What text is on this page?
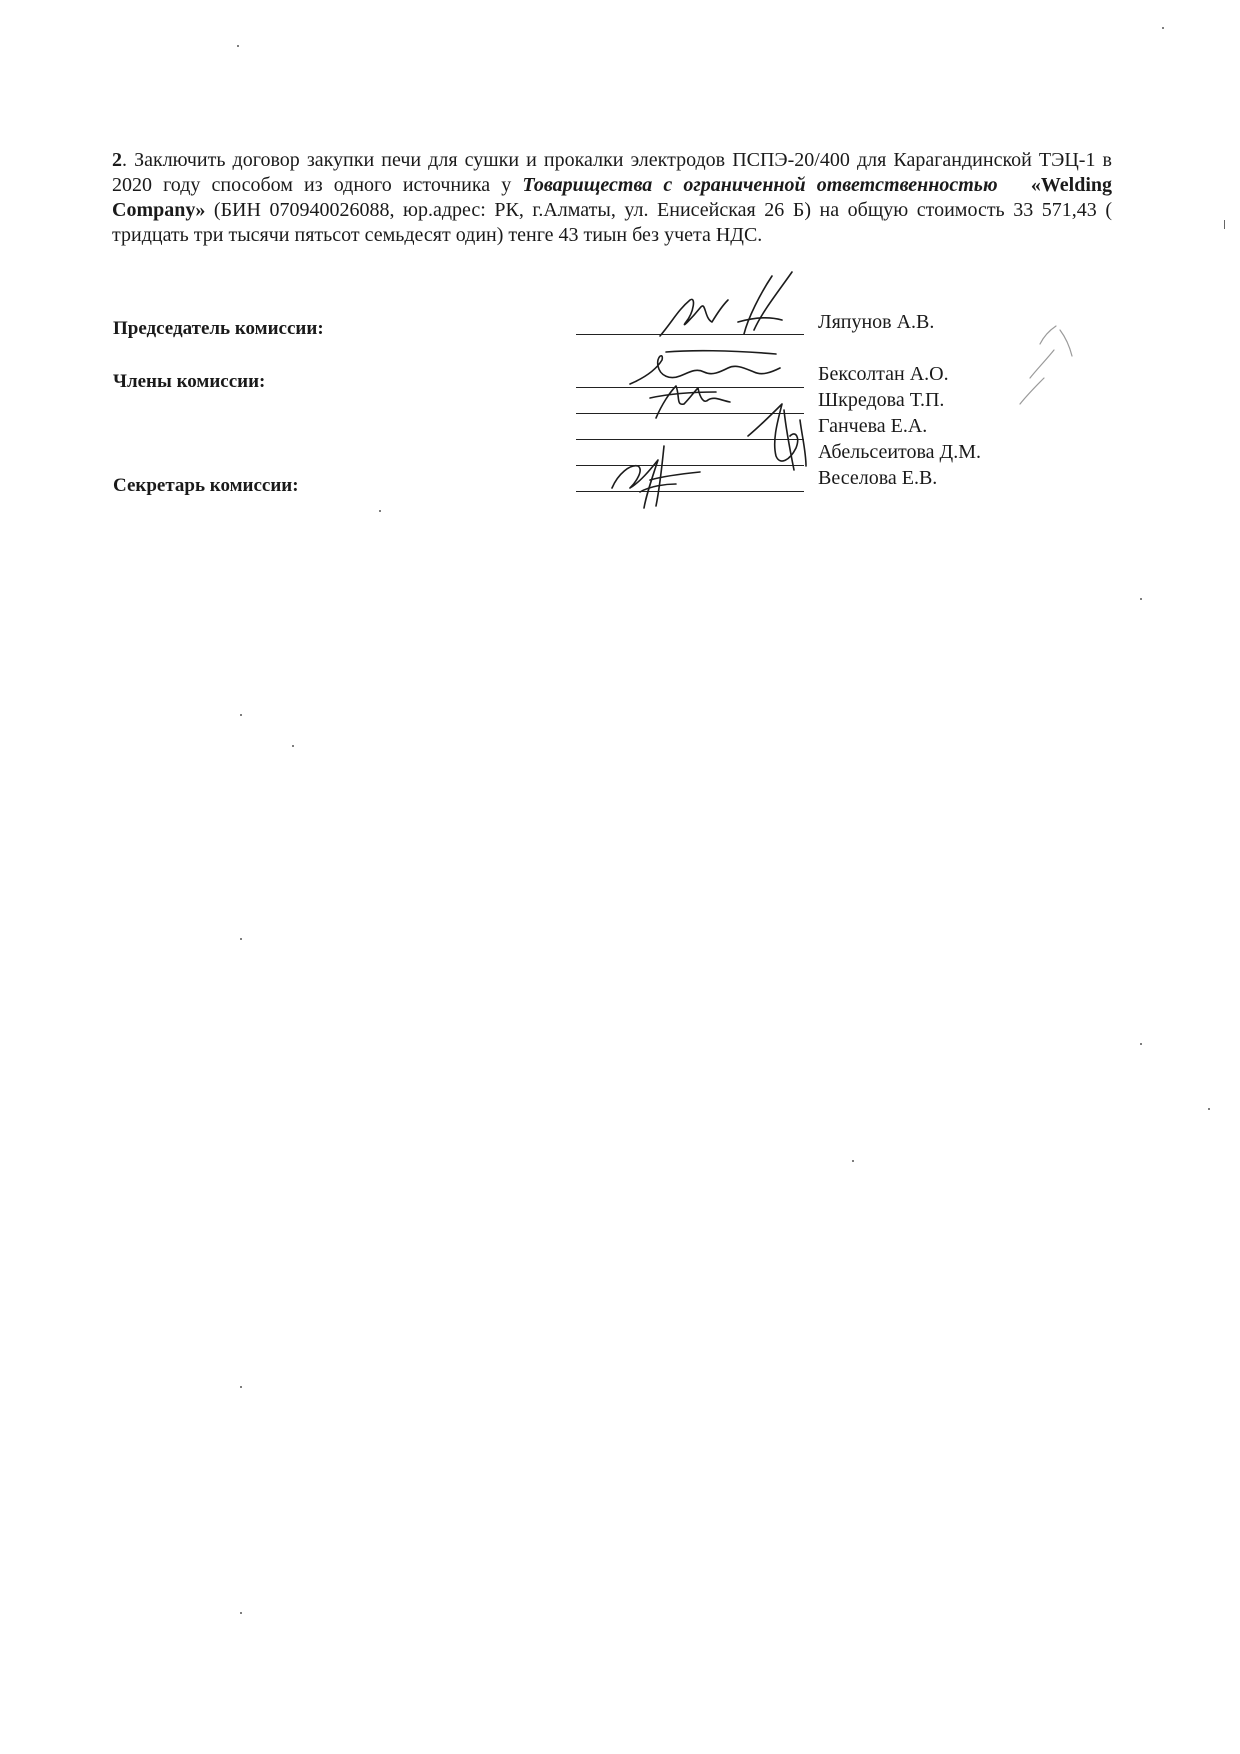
2. Заключить договор закупки печи для сушки и прокалки электродов ПСПЭ-20/400 для Карагандинской ТЭЦ-1 в 2020 году способом из одного источника у Товарищества с ограниченной ответственностью «Welding Company» (БИН 070940026088, юр.адрес: РК, г.Алматы, ул. Енисейская 26 Б) на общую стоимость 33 571,43 ( тридцать три тысячи пятьсот семьдесят один) тенге 43 тиын без учета НДС.

Председатель комиссии:
Члены комиссии:
Секретарь комиссии:
Ляпунов А.В.
Бексолтан А.О.
Шкредова Т.П.
Ганчева Е.А.
Абельсеитова Д.М.
Веселова Е.В.
